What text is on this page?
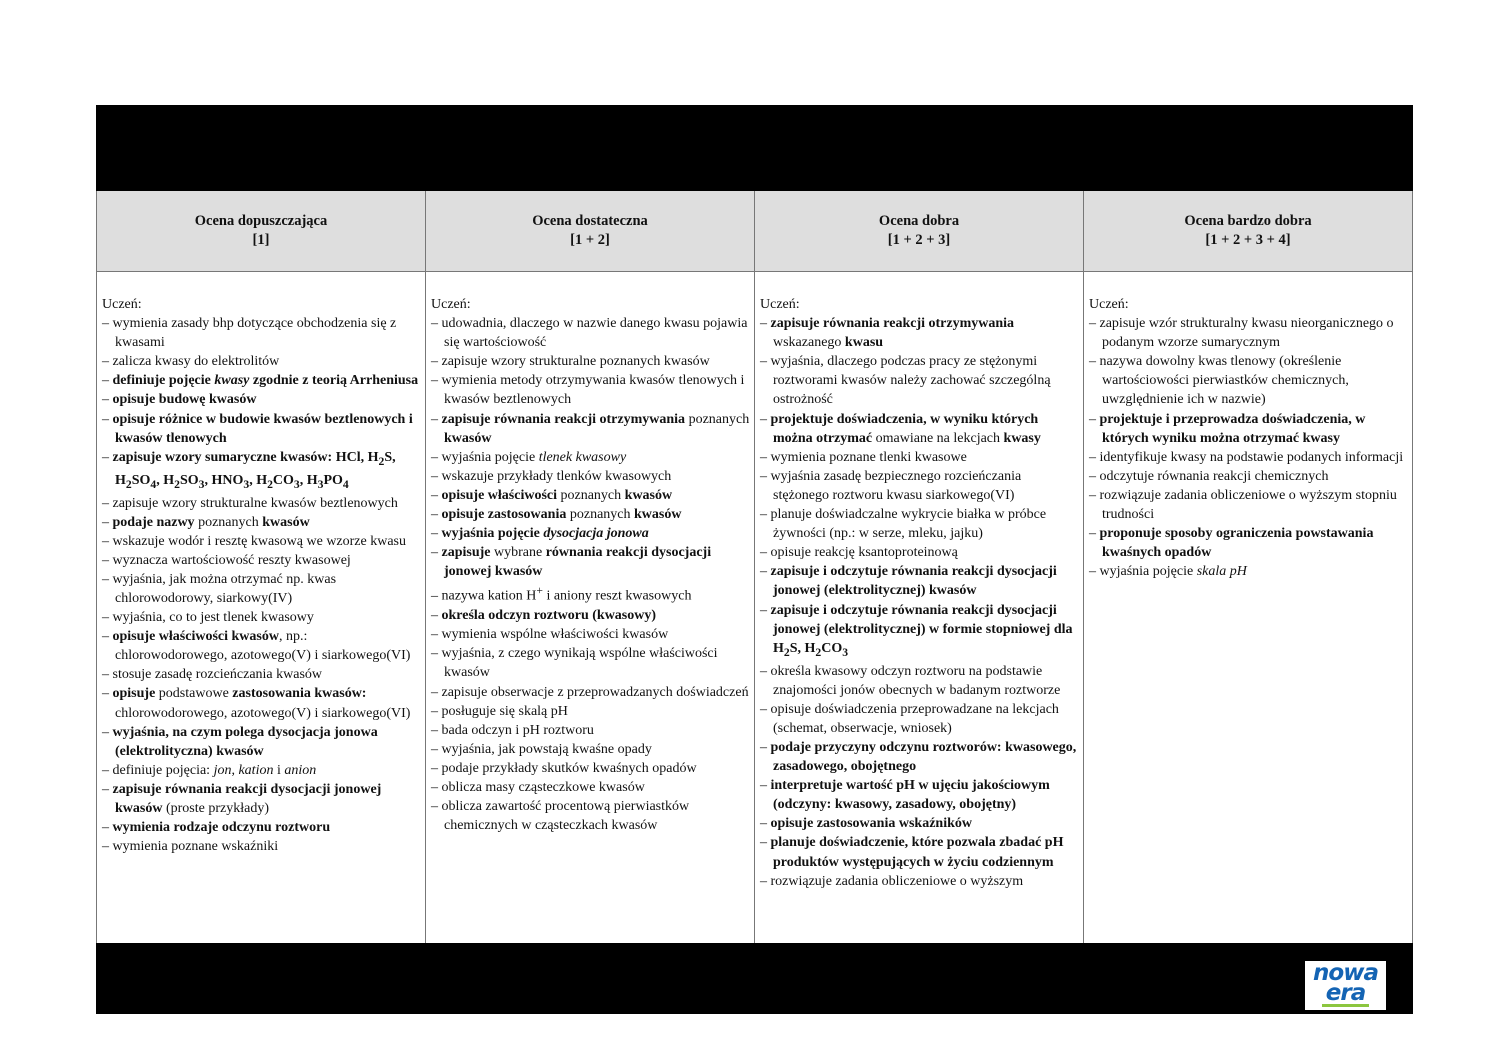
Ocena dopuszczająca
[1]
Uczeń:
– wymienia zasady bhp dotyczące obchodzenia się z kwasami
– zalicza kwasy do elektrolitów
– definiuje pojęcie kwasy zgodnie z teorią Arrheniusa
– opisuje budowę kwasów
– opisuje różnice w budowie kwasów beztlenowych i kwasów tlenowych
– zapisuje wzory sumaryczne kwasów: HCl, $H_2S$, $H_2SO_4$, $H_2SO_3$, $HNO_3$, $H_2CO_3$, $H_3PO_4$
– zapisuje wzory strukturalne kwasów beztlenowych
– podaje nazwy poznanych kwasów
– wskazuje wodór i resztę kwasową we wzorze kwasu
– wyznacza wartościowość reszty kwasowej
– wyjaśnia, jak można otrzymać np. kwas chlorowodorowy, siarkowy(IV)
– wyjaśnia, co to jest tlenek kwasowy
– opisuje właściwości kwasów, np.: chlorowodorowego, azotowego(V) i siarkowego(VI)
– stosuje zasadę rozcieńczania kwasów
– opisuje podstawowe zastosowania kwasów: chlorowodorowego, azotowego(V) i siarkowego(VI)
– wyjaśnia, na czym polega dysocjacja jonowa (elektrolityczna) kwasów
– definiuje pojęcia: jon, kation i anion
– zapisuje równania reakcji dysocjacji jonowej kwasów (proste przykłady)
– wymienia rodzaje odczynu roztworu
– wymienia poznane wskaźniki
Ocena dostateczna
[1 + 2]
Uczeń:
– udowadnia, dlaczego w nazwie danego kwasu pojawia się wartościowość
– zapisuje wzory strukturalne poznanych kwasów
– wymienia metody otrzymywania kwasów tlenowych i kwasów beztlenowych
– zapisuje równania reakcji otrzymywania poznanych kwasów
– wyjaśnia pojęcie tlenek kwasowy
– wskazuje przykłady tlenków kwasowych
– opisuje właściwości poznanych kwasów
– opisuje zastosowania poznanych kwasów
– wyjaśnia pojęcie dysocjacja jonowa
– zapisuje wybrane równania reakcji dysocjacji jonowej kwasów
– nazywa kation H+ i aniony reszt kwasowych
– określa odczyn roztworu (kwasowy)
– wymienia wspólne właściwości kwasów
– wyjaśnia, z czego wynikają wspólne właściwości kwasów
– zapisuje obserwacje z przeprowadzanych doświadczeń
– posługuje się skalą pH
– bada odczyn i pH roztworu
– wyjaśnia, jak powstają kwaśne opady
– podaje przykłady skutków kwaśnych opadów
– oblicza masy cząsteczkowe kwasów
– oblicza zawartość procentową pierwiastków chemicznych w cząsteczkach kwasów
Ocena dobra
[1 + 2 + 3]
Uczeń:
– zapisuje równania reakcji otrzymywania wskazanego kwasu
– wyjaśnia, dlaczego podczas pracy ze stężonymi roztworami kwasów należy zachować szczególną ostrożność
– projektuje doświadczenia, w wyniku których można otrzymać omawiane na lekcjach kwasy
– wymienia poznane tlenki kwasowe
– wyjaśnia zasadę bezpiecznego rozcieńczania stężonego roztworu kwasu siarkowego(VI)
– planuje doświadczalne wykrycie białka w próbce żywności (np.: w serze, mleku, jajku)
– opisuje reakcję ksantoproteinową
– zapisuje i odczytuje równania reakcji dysocjacji jonowej (elektrolitycznej) kwasów
– zapisuje i odczytuje równania reakcji dysocjacji jonowej (elektrolitycznej) w formie stopniowej dla $H_2S$, $H_2CO_3$
– określa kwasowy odczyn roztworu na podstawie znajomości jonów obecnych w badanym roztworze
– opisuje doświadczenia przeprowadzane na lekcjach (schemat, obserwacje, wniosek)
– podaje przyczyny odczynu roztworów: kwasowego, zasadowego, obojętnego
– interpretuje wartość pH w ujęciu jakościowym (odczyny: kwasowy, zasadowy, obojętny)
– opisuje zastosowania wskaźników
– planuje doświadczenie, które pozwala zbadać pH produktów występujących w życiu codziennym
– rozwiązuje zadania obliczeniowe o wyższym
Ocena bardzo dobra
[1 + 2 + 3 + 4]
Uczeń:
– zapisuje wzór strukturalny kwasu nieorganicznego o podanym wzorze sumarycznym
– nazywa dowolny kwas tlenowy (określenie wartościowości pierwiastków chemicznych, uwzględnienie ich w nazwie)
– projektuje i przeprowadza doświadczenia, w których wyniku można otrzymać kwasy
– identyfikuje kwasy na podstawie podanych informacji
– odczytuje równania reakcji chemicznych
– rozwiązuje zadania obliczeniowe o wyższym stopniu trudności
– proponuje sposoby ograniczenia powstawania kwaśnych opadów
– wyjaśnia pojęcie skala pH
nowa
era
